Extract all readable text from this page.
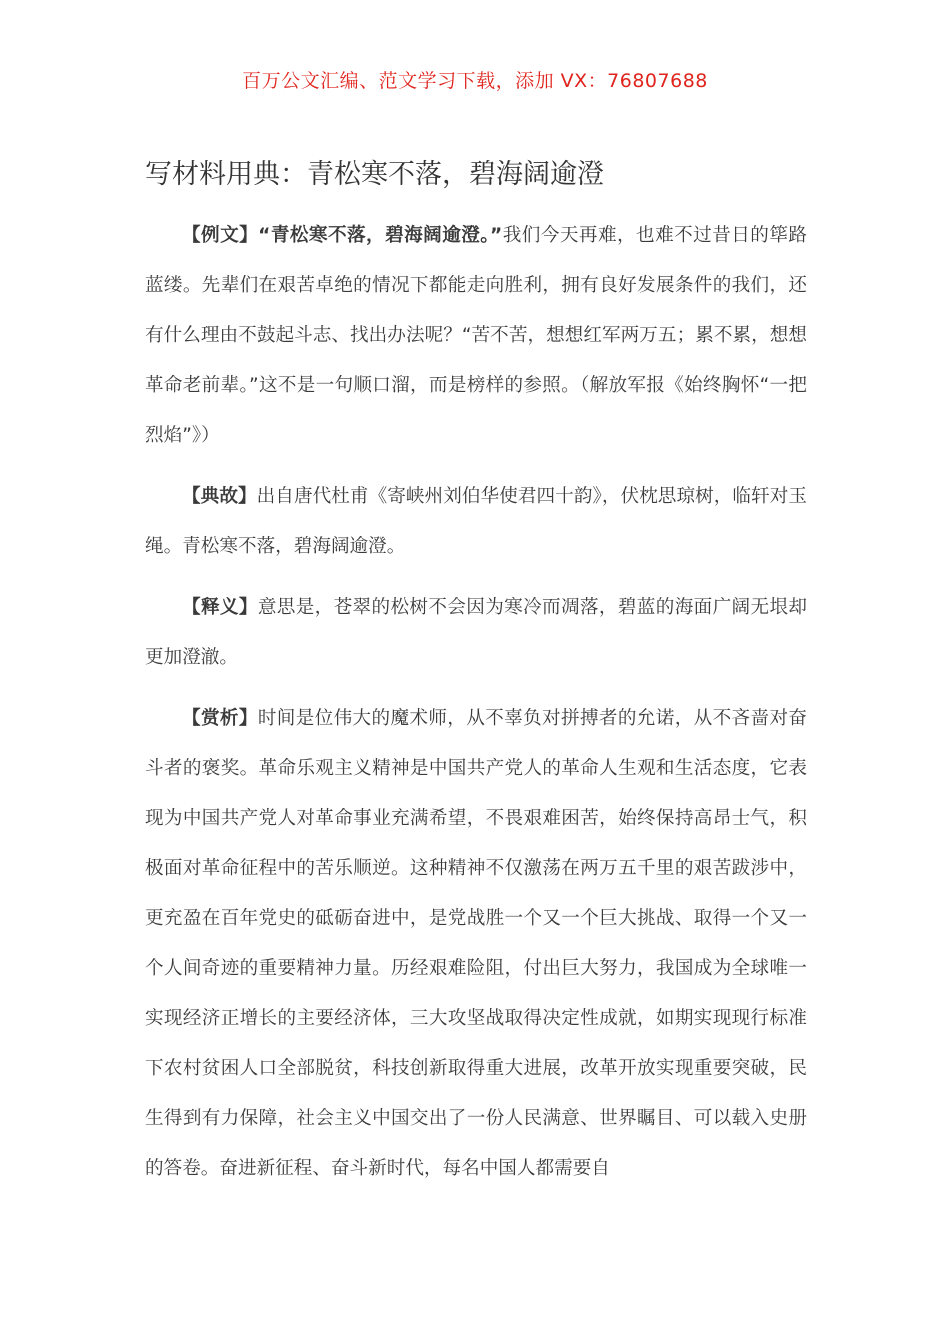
百万公文汇编、范文学习下载，添加 VX：76807688
写材料用典：青松寒不落，碧海阔逾澄

【例文】“青松寒不落，碧海阔逾澄。”我们今天再难，也难不过昔日的筚路蓝缕。先辈们在艰苦卓绝的情况下都能走向胜利，拥有良好发展条件的我们，还有什么理由不鼓起斗志、找出办法呢？“苦不苦，想想红军两万五；累不累，想想革命老前辈。”这不是一句顺口溜，而是榜样的参照。（解放军报《始终胸怀“一把烈焰”》）

【典故】出自唐代杜甫《寄峡州刘伯华使君四十韵》，伏枕思琼树，临轩对玉绳。青松寒不落，碧海阔逾澄。

【释义】意思是，苍翠的松树不会因为寒冷而凋落，碧蓝的海面广阔无垠却更加澄澈。

【赏析】时间是位伟大的魔术师，从不辜负对拼搏者的允诺，从不吝啬对奋斗者的褒奖。革命乐观主义精神是中国共产党人的革命人生观和生活态度，它表现为中国共产党人对革命事业充满希望，不畏艰难困苦，始终保持高昂士气，积极面对革命征程中的苦乐顺逆。这种精神不仅激荡在两万五千里的艰苦跋涉中，更充盈在百年党史的砥砺奋进中，是党战胜一个又一个巨大挑战、取得一个又一个人间奇迹的重要精神力量。历经艰难险阻，付出巨大努力，我国成为全球唯一实现经济正增长的主要经济体，三大攻坚战取得决定性成就，如期实现现行标准下农村贫困人口全部脱贫，科技创新取得重大进展，改革开放实现重要突破，民生得到有力保障，社会主义中国交出了一份人民满意、世界瞩目、可以载入史册的答卷。奋进新征程、奋斗新时代，每名中国人都需要自
